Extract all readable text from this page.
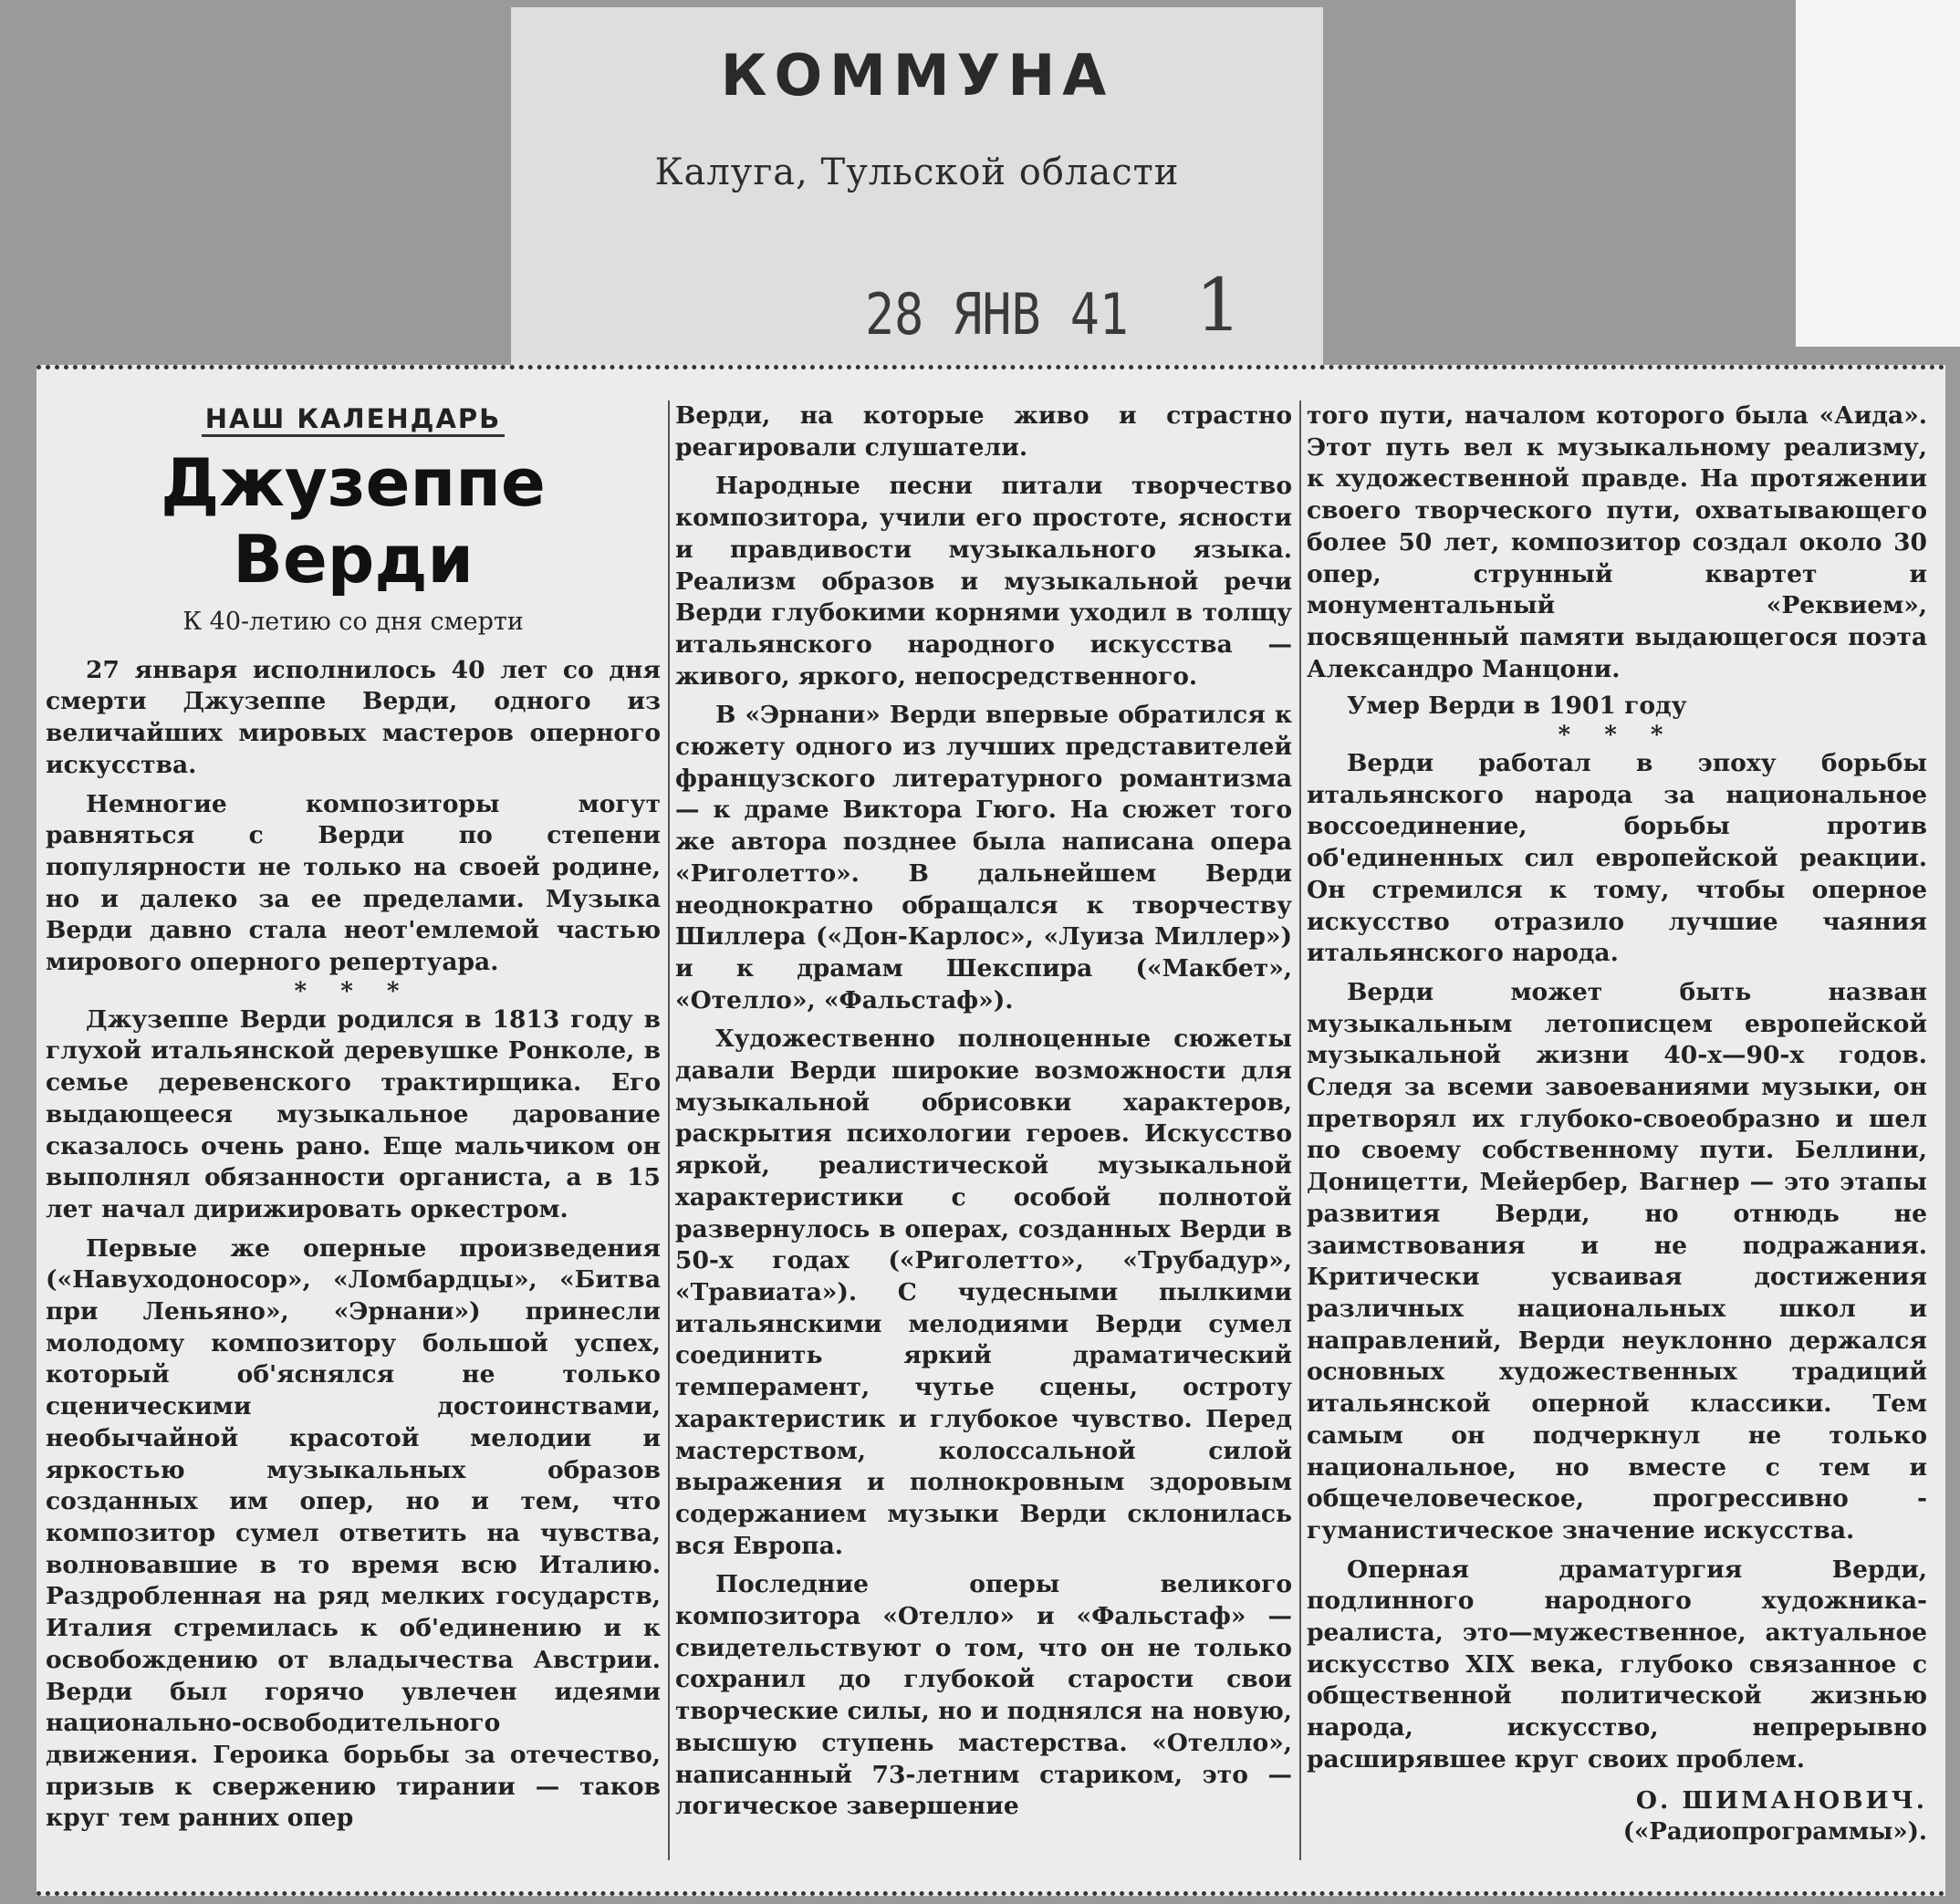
КОММУНА
Калуга, Тульской области
28 ЯНВ 41 1
НАШ КАЛЕНДАРЬ
Джузеппе
Верди
К 40-летию со дня смерти

27 января исполнилось 40 лет со дня смерти Джузеппе Верди, одного из величайших мировых мастеров оперного искусства.

Немногие композиторы могут равняться с Верди по степени популярности не только на своей родине, но и далеко за ее пределами. Музыка Верди давно стала неот'емлемой частью мирового оперного репертуара.

* * *

Джузеппе Верди родился в 1813 году в глухой итальянской деревушке Ронколе, в семье деревенского трактирщика. Его выдающееся музыкальное дарование сказалось очень рано. Еще мальчиком он выполнял обязанности органиста, а в 15 лет начал дирижировать оркестром.

Первые же оперные произведения («Навуходоносор», «Ломбардцы», «Битва при Леньяно», «Эрнани») принесли молодому композитору большой успех, который об'яснялся не только сценическими достоинствами, необычайной красотой мелодии и яркостью музыкальных образов созданных им опер, но и тем, что композитор сумел ответить на чувства, волновавшие в то время всю Италию. Раздробленная на ряд мелких государств, Италия стремилась к об'единению и к освобождению от владычества Австрии. Верди был горячо увлечен идеями национально-освободительного движения. Героика борьбы за отечество, призыв к свержению тирании — таков круг тем ранних опер

Верди, на которые живо и страстно реагировали слушатели.

Народные песни питали творчество композитора, учили его простоте, ясности и правдивости музыкального языка. Реализм образов и музыкальной речи Верди глубокими корнями уходил в толщу итальянского народного искусства — живого, яркого, непосредственного.

В «Эрнани» Верди впервые обратился к сюжету одного из лучших представителей французского литературного романтизма — к драме Виктора Гюго. На сюжет того же автора позднее была написана опера «Риголетто». В дальнейшем Верди неоднократно обращался к творчеству Шиллера («Дон-Карлос», «Луиза Миллер») и к драмам Шекспира («Макбет», «Отелло», «Фальстаф»).

Художественно полноценные сюжеты давали Верди широкие возможности для музыкальной обрисовки характеров, раскрытия психологии героев. Искусство яркой, реалистической музыкальной характеристики с особой полнотой развернулось в операх, созданных Верди в 50-х годах («Риголетто», «Трубадур», «Травиата»). С чудесными пылкими итальянскими мелодиями Верди сумел соединить яркий драматический темперамент, чутье сцены, остроту характеристик и глубокое чувство. Перед мастерством, колоссальной силой выражения и полнокровным здоровым содержанием музыки Верди склонилась вся Европа.

Последние оперы великого композитора «Отелло» и «Фальстаф» — свидетельствуют о том, что он не только сохранил до глубокой старости свои творческие силы, но и поднялся на новую, высшую ступень мастерства. «Отелло», написанный 73-летним стариком, это — логическое завершение

того пути, началом которого была «Аида». Этот путь вел к музыкальному реализму, к художественной правде. На протяжении своего творческого пути, охватывающего более 50 лет, композитор создал около 30 опер, струнный квартет и монументальный «Реквием», посвященный памяти выдающегося поэта Александро Манцони.

Умер Верди в 1901 году
* * *

Верди работал в эпоху борьбы итальянского народа за национальное воссоединение, борьбы против об'единенных сил европейской реакции. Он стремился к тому, чтобы оперное искусство отразило лучшие чаяния итальянского народа.

Верди может быть назван музыкальным летописцем европейской музыкальной жизни 40-х—90-х годов. Следя за всеми завоеваниями музыки, он претворял их глубоко-своеобразно и шел по своему собственному пути. Беллини, Доницетти, Мейербер, Вагнер — это этапы развития Верди, но отнюдь не заимствования и не подражания. Критически усваивая достижения различных национальных школ и направлений, Верди неуклонно держался основных художественных традиций итальянской оперной классики. Тем самым он подчеркнул не только национальное, но вместе с тем и общечеловеческое, прогрессивно - гуманистическое значение искусства.

Оперная драматургия Верди, подлинного народного художника-реалиста, это—мужественное, актуальное искусство XIX века, глубоко связанное с общественной политической жизнью народа, искусство, непрерывно расширявшее круг своих проблем.

О. ШИМАНОВИЧ.
(«Радиопрограммы»).
